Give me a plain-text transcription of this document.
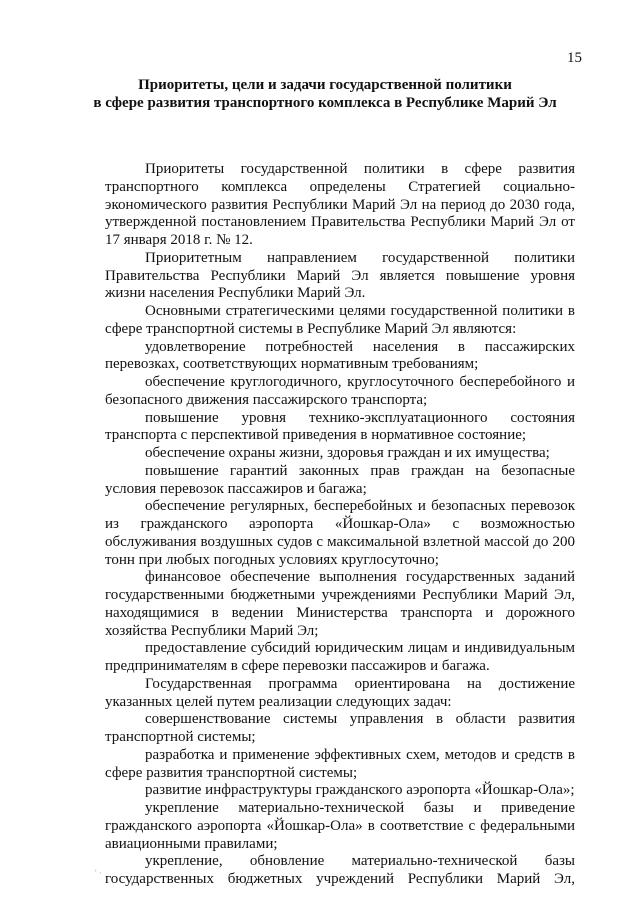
15
Приоритеты, цели и задачи государственной политики
в сфере развития транспортного комплекса в Республике Марий Эл

Приоритеты государственной политики в сфере развития транспортного комплекса определены Стратегией социально-экономического развития Республики Марий Эл на период до 2030 года, утвержденной постановлением Правительства Республики Марий Эл от 17 января 2018 г. № 12.

Приоритетным направлением государственной политики Правительства Республики Марий Эл является повышение уровня жизни населения Республики Марий Эл.

Основными стратегическими целями государственной политики в сфере транспортной системы в Республике Марий Эл являются:

удовлетворение потребностей населения в пассажирских перевозках, соответствующих нормативным требованиям;

обеспечение круглогодичного, круглосуточного бесперебойного и безопасного движения пассажирского транспорта;

повышение уровня технико-эксплуатационного состояния транспорта с перспективой приведения в нормативное состояние;

обеспечение охраны жизни, здоровья граждан и их имущества;

повышение гарантий законных прав граждан на безопасные условия перевозок пассажиров и багажа;

обеспечение регулярных, бесперебойных и безопасных перевозок из гражданского аэропорта «Йошкар-Ола» с возможностью обслуживания воздушных судов с максимальной взлетной массой до 200 тонн при любых погодных условиях круглосуточно;

финансовое обеспечение выполнения государственных заданий государственными бюджетными учреждениями Республики Марий Эл, находящимися в ведении Министерства транспорта и дорожного хозяйства Республики Марий Эл;

предоставление субсидий юридическим лицам и индивидуальным предпринимателям в сфере перевозки пассажиров и багажа.

Государственная программа ориентирована на достижение указанных целей путем реализации следующих задач:

совершенствование системы управления в области развития транспортной системы;

разработка и применение эффективных схем, методов и средств в сфере развития транспортной системы;

развитие инфраструктуры гражданского аэропорта «Йошкар-Ола»;

укрепление материально-технической базы и приведение гражданского аэропорта «Йошкар-Ола» в соответствие с федеральными авиационными правилами;

укрепление, обновление материально-технической базы государственных бюджетных учреждений Республики Марий Эл,

' ·
